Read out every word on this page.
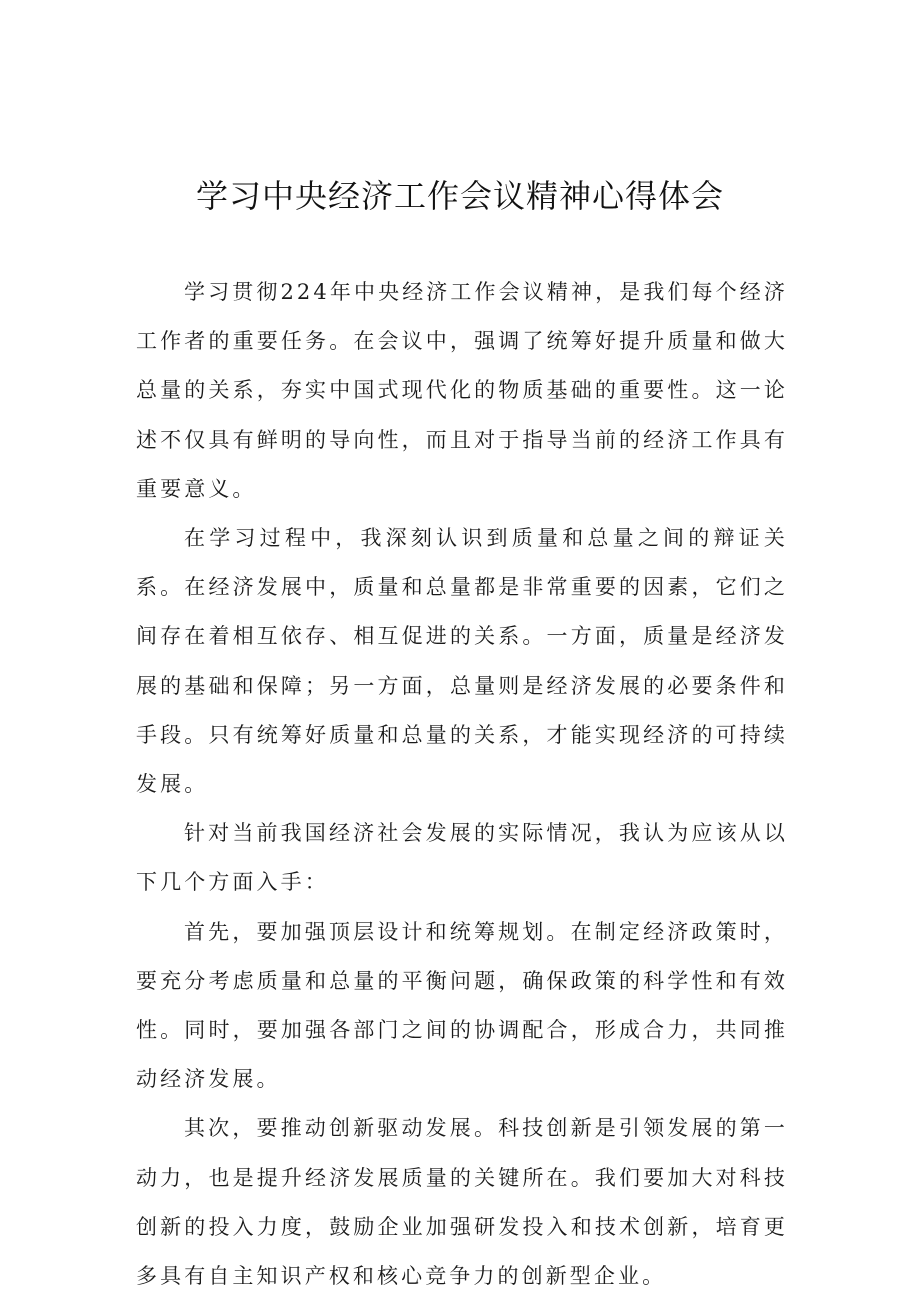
学习中央经济工作会议精神心得体会

学习贯彻224年中央经济工作会议精神，是我们每个经济工作者的重要任务。在会议中，强调了统筹好提升质量和做大总量的关系，夯实中国式现代化的物质基础的重要性。这一论述不仅具有鲜明的导向性，而且对于指导当前的经济工作具有重要意义。

在学习过程中，我深刻认识到质量和总量之间的辩证关系。在经济发展中，质量和总量都是非常重要的因素，它们之间存在着相互依存、相互促进的关系。一方面，质量是经济发展的基础和保障；另一方面，总量则是经济发展的必要条件和手段。只有统筹好质量和总量的关系，才能实现经济的可持续发展。

针对当前我国经济社会发展的实际情况，我认为应该从以下几个方面入手：

首先，要加强顶层设计和统筹规划。在制定经济政策时，要充分考虑质量和总量的平衡问题，确保政策的科学性和有效性。同时，要加强各部门之间的协调配合，形成合力，共同推动经济发展。

其次，要推动创新驱动发展。科技创新是引领发展的第一动力，也是提升经济发展质量的关键所在。我们要加大对科技创新的投入力度，鼓励企业加强研发投入和技术创新，培育更多具有自主知识产权和核心竞争力的创新型企业。
